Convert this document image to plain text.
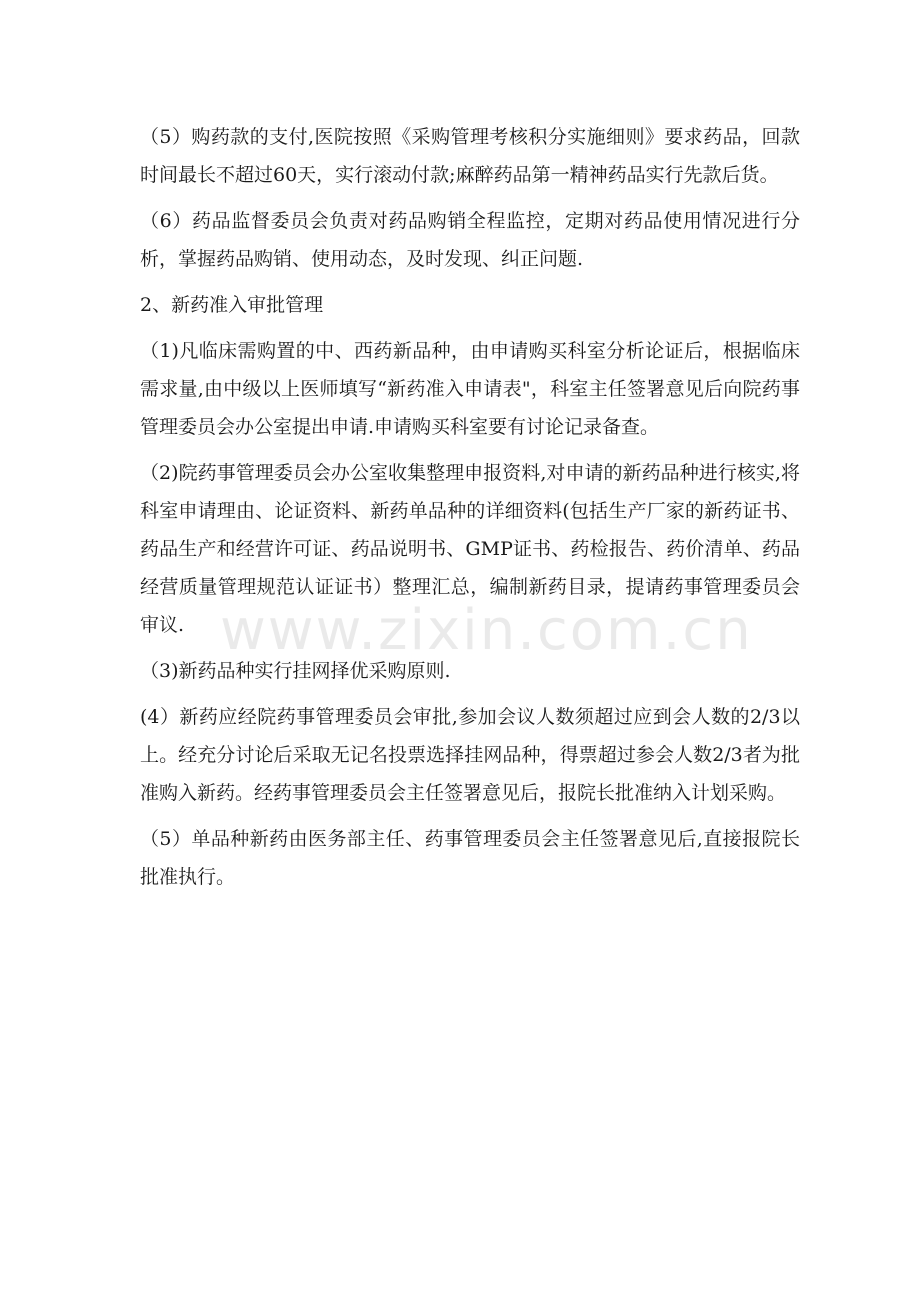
（5）购药款的支付,医院按照《采购管理考核积分实施细则》要求药品，回款时间最长不超过60天，实行滚动付款;麻醉药品第一精神药品实行先款后货。

（6）药品监督委员会负责对药品购销全程监控，定期对药品使用情况进行分析，掌握药品购销、使用动态，及时发现、纠正问题.

2、新药准入审批管理

（1)凡临床需购置的中、西药新品种，由申请购买科室分析论证后，根据临床需求量,由中级以上医师填写“新药准入申请表"，科室主任签署意见后向院药事管理委员会办公室提出申请.申请购买科室要有讨论记录备查。

（2)院药事管理委员会办公室收集整理申报资料,对申请的新药品种进行核实,将科室申请理由、论证资料、新药单品种的详细资料(包括生产厂家的新药证书、药品生产和经营许可证、药品说明书、GMP证书、药检报告、药价清单、药品经营质量管理规范认证证书）整理汇总，编制新药目录，提请药事管理委员会审议.

（3)新药品种实行挂网择优采购原则.

(4）新药应经院药事管理委员会审批,参加会议人数须超过应到会人数的2/3以上。经充分讨论后采取无记名投票选择挂网品种，得票超过参会人数2/3者为批准购入新药。经药事管理委员会主任签署意见后，报院长批准纳入计划采购。

（5）单品种新药由医务部主任、药事管理委员会主任签署意见后,直接报院长批准执行。

www.zixin.com.cn
